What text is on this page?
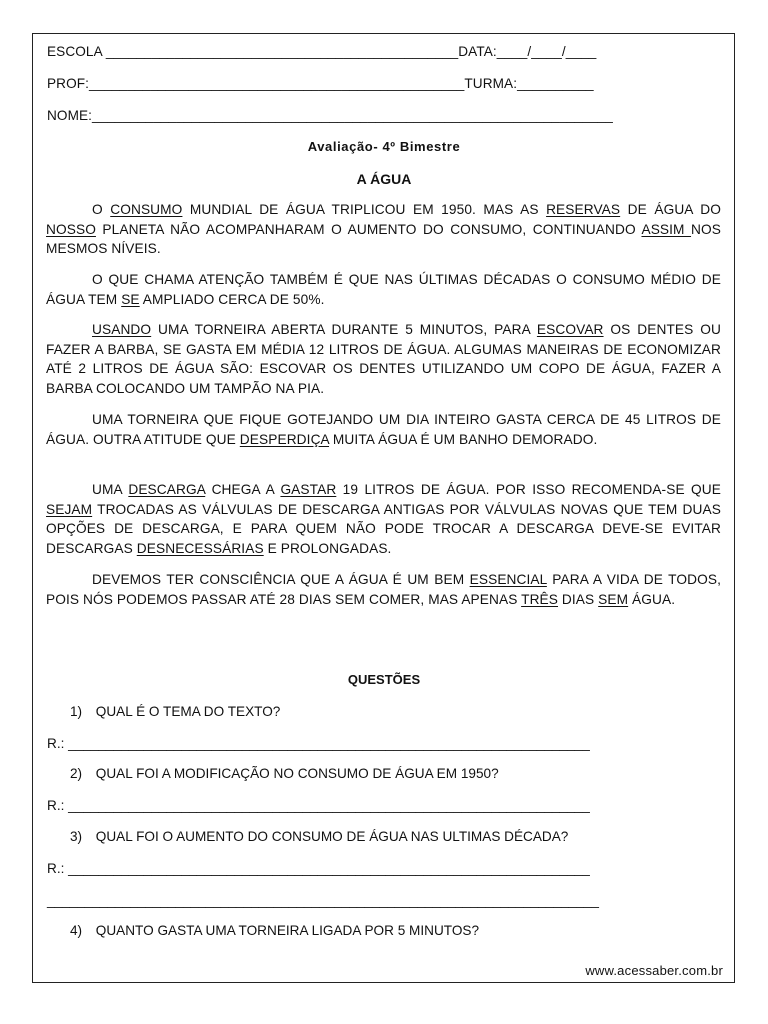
ESCOLA ______________________________________________DATA:____/____/____
PROF:_________________________________________________TURMA:__________
NOME:____________________________________________________________________
Avaliação- 4º Bimestre
A ÁGUA

O CONSUMO MUNDIAL DE ÁGUA TRIPLICOU EM 1950. MAS AS RESERVAS DE ÁGUA DO NOSSO PLANETA NÃO ACOMPANHARAM O AUMENTO DO CONSUMO, CONTINUANDO ASSIM NOS MESMOS NÍVEIS.

O QUE CHAMA ATENÇÃO TAMBÉM É QUE NAS ÚLTIMAS DÉCADAS O CONSUMO MÉDIO DE ÁGUA TEM SE AMPLIADO CERCA DE 50%.

USANDO UMA TORNEIRA ABERTA DURANTE 5 MINUTOS, PARA ESCOVAR OS DENTES OU FAZER A BARBA, SE GASTA EM MÉDIA 12 LITROS DE ÁGUA. ALGUMAS MANEIRAS DE ECONOMIZAR ATÉ 2 LITROS DE ÁGUA SÃO: ESCOVAR OS DENTES UTILIZANDO UM COPO DE ÁGUA, FAZER A BARBA COLOCANDO UM TAMPÃO NA PIA.

UMA TORNEIRA QUE FIQUE GOTEJANDO UM DIA INTEIRO GASTA CERCA DE 45 LITROS DE ÁGUA. OUTRA ATITUDE QUE DESPERDIÇA MUITA ÁGUA É UM BANHO DEMORADO.

UMA DESCARGA CHEGA A GASTAR 19 LITROS DE ÁGUA. POR ISSO RECOMENDA-SE QUE SEJAM TROCADAS AS VÁLVULAS DE DESCARGA ANTIGAS POR VÁLVULAS NOVAS QUE TEM DUAS OPÇÕES DE DESCARGA, E PARA QUEM NÃO PODE TROCAR A DESCARGA DEVE-SE EVITAR DESCARGAS DESNECESSÁRIAS E PROLONGADAS.

DEVEMOS TER CONSCIÊNCIA QUE A ÁGUA É UM BEM ESSENCIAL PARA A VIDA DE TODOS, POIS NÓS PODEMOS PASSAR ATÉ 28 DIAS SEM COMER, MAS APENAS TRÊS DIAS SEM ÁGUA.

QUESTÕES
1) QUAL É O TEMA DO TEXTO?
R.: _____________________________________________________________________
2) QUAL FOI A MODIFICAÇÃO NO CONSUMO DE ÁGUA EM 1950?
R.: _____________________________________________________________________
3) QUAL FOI O AUMENTO DO CONSUMO DE ÁGUA NAS ULTIMAS DÉCADA?
R.: _____________________________________________________________________
_________________________________________________________________________
4) QUANTO GASTA UMA TORNEIRA LIGADA POR 5 MINUTOS?
www.acessaber.com.br
